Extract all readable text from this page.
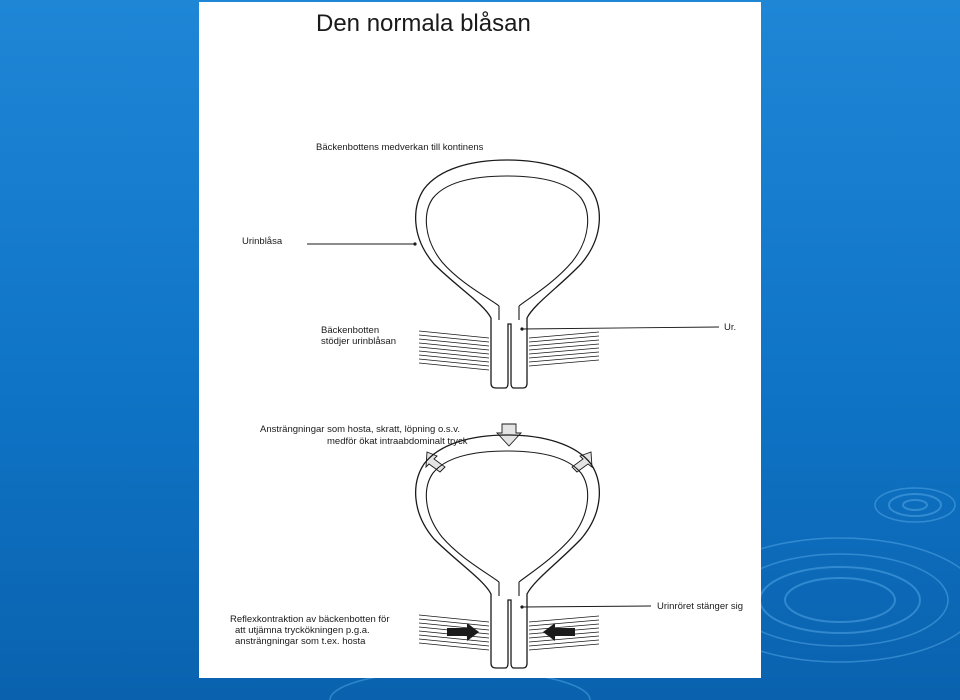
Den normala blåsan
Bäckenbottens medverkan till kontinens
Urinblåsa
Bäckenbotten
stödjer urinblåsan
Ur.
Ansträngningar som hosta, skratt, löpning o.s.v.
medför ökat intraabdominalt tryck
Reflexkontraktion av bäckenbotten för
att utjämna tryckökningen p.g.a.
ansträngningar som t.ex. hosta
Urinröret stänger sig
